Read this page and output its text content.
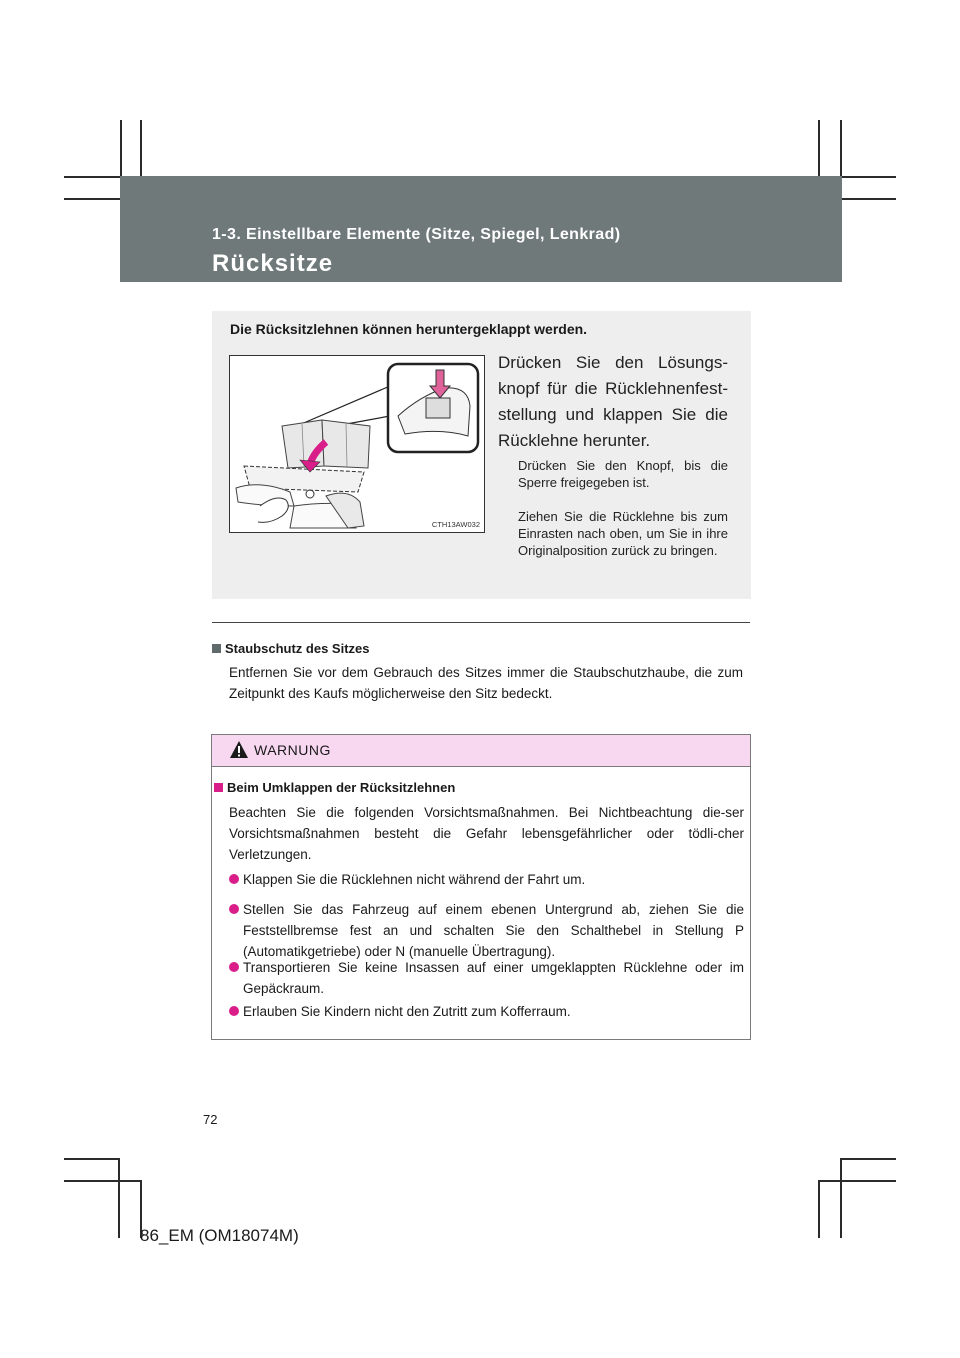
1-3. Einstellbare Elemente (Sitze, Spiegel, Lenkrad)
Rücksitze
Die Rücksitzlehnen können heruntergeklappt werden.
CTH13AW032
Drücken Sie den Lösungs-knopf für die Rücklehnenfest-stellung und klappen Sie die Rücklehne herunter.
Drücken Sie den Knopf, bis die Sperre freigegeben ist.
Ziehen Sie die Rücklehne bis zum Einrasten nach oben, um Sie in ihre Originalposition zurück zu bringen.
Staubschutz des Sitzes
Entfernen Sie vor dem Gebrauch des Sitzes immer die Staubschutzhaube, die zum Zeitpunkt des Kaufs möglicherweise den Sitz bedeckt.
WARNUNG
Beim Umklappen der Rücksitzlehnen
Beachten Sie die folgenden Vorsichtsmaßnahmen. Bei Nichtbeachtung die-ser Vorsichtsmaßnahmen besteht die Gefahr lebensgefährlicher oder tödli-cher Verletzungen.
Klappen Sie die Rücklehnen nicht während der Fahrt um.
Stellen Sie das Fahrzeug auf einem ebenen Untergrund ab, ziehen Sie die Feststellbremse fest an und schalten Sie den Schalthebel in Stellung P (Automatikgetriebe) oder N (manuelle Übertragung).
Transportieren Sie keine Insassen auf einer umgeklappten Rücklehne oder im Gepäckraum.
Erlauben Sie Kindern nicht den Zutritt zum Kofferraum.
72
86_EM (OM18074M)
